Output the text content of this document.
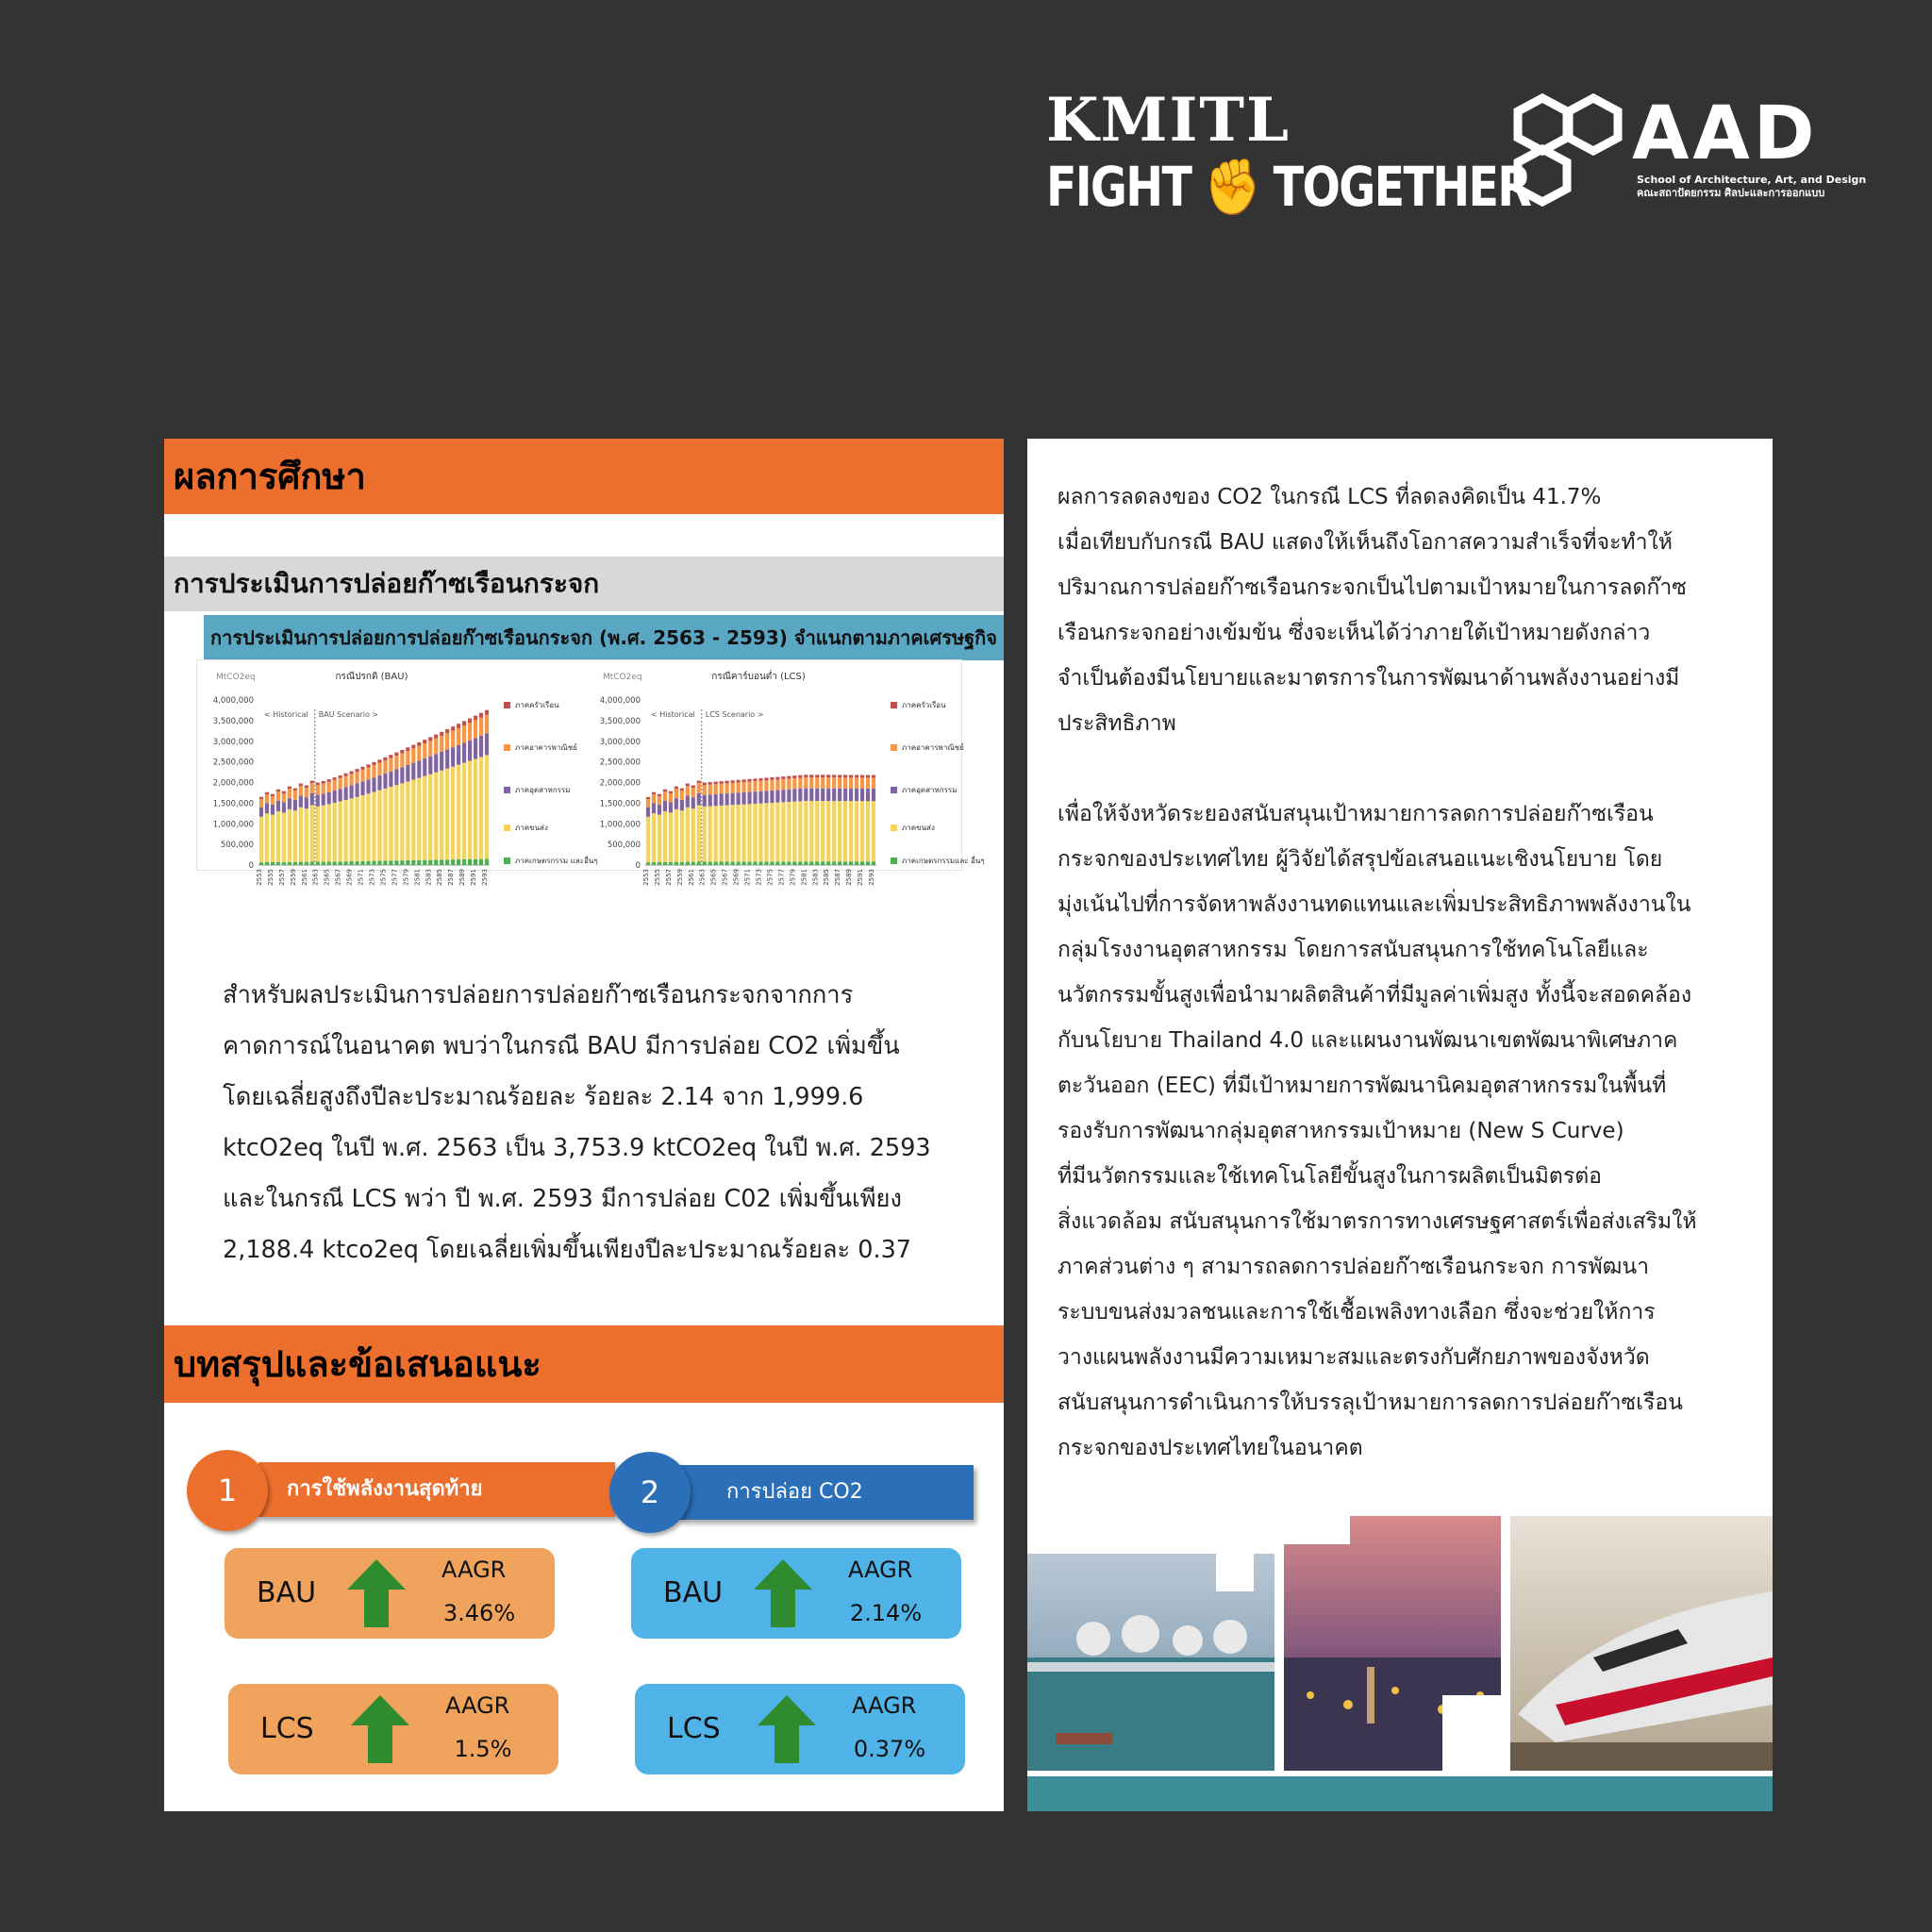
KMITL
FIGHT ✊ TOGETHER
AAD
School of Architecture, Art, and Design
คณะสถาปัตยกรรม ศิลปะและการออกแบบ
ผลการศึกษา
การประเมินการปล่อยก๊าซเรือนกระจก
การประเมินการปล่อยการปล่อยก๊าซเรือนกระจก (พ.ศ. 2563 - 2593) จำแนกตามภาคเศรษฐกิจ
MtCO2eq	กรณีปรกติ (BAU)
4,000,000
3,500,000
3,000,000
2,500,000
2,000,000
1,500,000
1,000,000
500,000
0
< Historical BAU Scenario >
2553 2555 2557 2559 2561 2563 2565 2567 2569 2571 2573 2575 2577 2579 2581 2583 2585 2587 2589 2591 2593
ภาคครัวเรือน
ภาคอาคารพาณิชย์
ภาคอุตสาหกรรม
ภาคขนส่ง
ภาคเกษตรกรรม และอื่นๆ
MtCO2eq	กรณีคาร์บอนต่ำ (LCS)
4,000,000
3,500,000
3,000,000
2,500,000
2,000,000
1,500,000
1,000,000
500,000
0
< Historical LCS Scenario >
2553 2555 2557 2559 2561 2563 2565 2567 2569 2571 2573 2575 2577 2579 2581 2583 2585 2587 2589 2591 2593
ภาคครัวเรือน
ภาคอาคารพาณิชย์
ภาคอุตสาหกรรม
ภาคขนส่ง
ภาคเกษตรกรรมและ อื่นๆ
สำหรับผลประเมินการปล่อยการปล่อยก๊าซเรือนกระจกจากการ
คาดการณ์ในอนาคต พบว่าในกรณี BAU มีการปล่อย CO2 เพิ่มขึ้น
โดยเฉลี่ยสูงถึงปีละประมาณร้อยละ ร้อยละ 2.14 จาก 1,999.6
ktcO2eq ในปี พ.ศ. 2563 เป็น 3,753.9 ktCO2eq ในปี พ.ศ. 2593
และในกรณี LCS พว่า ปี พ.ศ. 2593 มีการปล่อย C02 เพิ่มขึ้นเพียง
2,188.4 ktco2eq โดยเฉลี่ยเพิ่มขึ้นเพียงปีละประมาณร้อยละ 0.37
บทสรุปและข้อเสนอแนะ
การใช้พลังงานสุดท้าย
1
BAU
AAGR
3.46%
LCS
AAGR
1.5%
การปล่อย CO2
2
BAU
AAGR
2.14%
LCS
AAGR
0.37%
ผลการลดลงของ CO2 ในกรณี LCS ที่ลดลงคิดเป็น 41.7%
เมื่อเทียบกับกรณี BAU แสดงให้เห็นถึงโอกาสความสำเร็จที่จะทำให้
ปริมาณการปล่อยก๊าซเรือนกระจกเป็นไปตามเป้าหมายในการลดก๊าซ
เรือนกระจกอย่างเข้มข้น ซึ่งจะเห็นได้ว่าภายใต้เป้าหมายดังกล่าว
จำเป็นต้องมีนโยบายและมาตรการในการพัฒนาด้านพลังงานอย่างมี
ประสิทธิภาพ
เพื่อให้จังหวัดระยองสนับสนุนเป้าหมายการลดการปล่อยก๊าซเรือน
กระจกของประเทศไทย ผู้วิจัยได้สรุปข้อเสนอแนะเชิงนโยบาย โดย
มุ่งเน้นไปที่การจัดหาพลังงานทดแทนและเพิ่มประสิทธิภาพพลังงานใน
กลุ่มโรงงานอุตสาหกรรม โดยการสนับสนุนการใช้ทคโนโลยีและ
นวัตกรรมขั้นสูงเพื่อนำมาผลิตสินค้าที่มีมูลค่าเพิ่มสูง ทั้งนี้จะสอดคล้อง
กับนโยบาย Thailand 4.0 และแผนงานพัฒนาเขตพัฒนาพิเศษภาค
ตะวันออก (EEC) ที่มีเป้าหมายการพัฒนานิคมอุตสาหกรรมในพื้นที่
รองรับการพัฒนากลุ่มอุตสาหกรรมเป้าหมาย (New S Curve)
ที่มีนวัตกรรมและใช้เทคโนโลยีขั้นสูงในการผลิตเป็นมิตรต่อ
สิ่งแวดล้อม สนับสนุนการใช้มาตรการทางเศรษฐศาสตร์เพื่อส่งเสริมให้
ภาคส่วนต่าง ๆ สามารถลดการปล่อยก๊าซเรือนกระจก การพัฒนา
ระบบขนส่งมวลชนและการใช้เชื้อเพลิงทางเลือก ซึ่งจะช่วยให้การ
วางแผนพลังงานมีความเหมาะสมและตรงกับศักยภาพของจังหวัด
สนับสนุนการดำเนินการให้บรรลุเป้าหมายการลดการปล่อยก๊าซเรือน
กระจกของประเทศไทยในอนาคต
